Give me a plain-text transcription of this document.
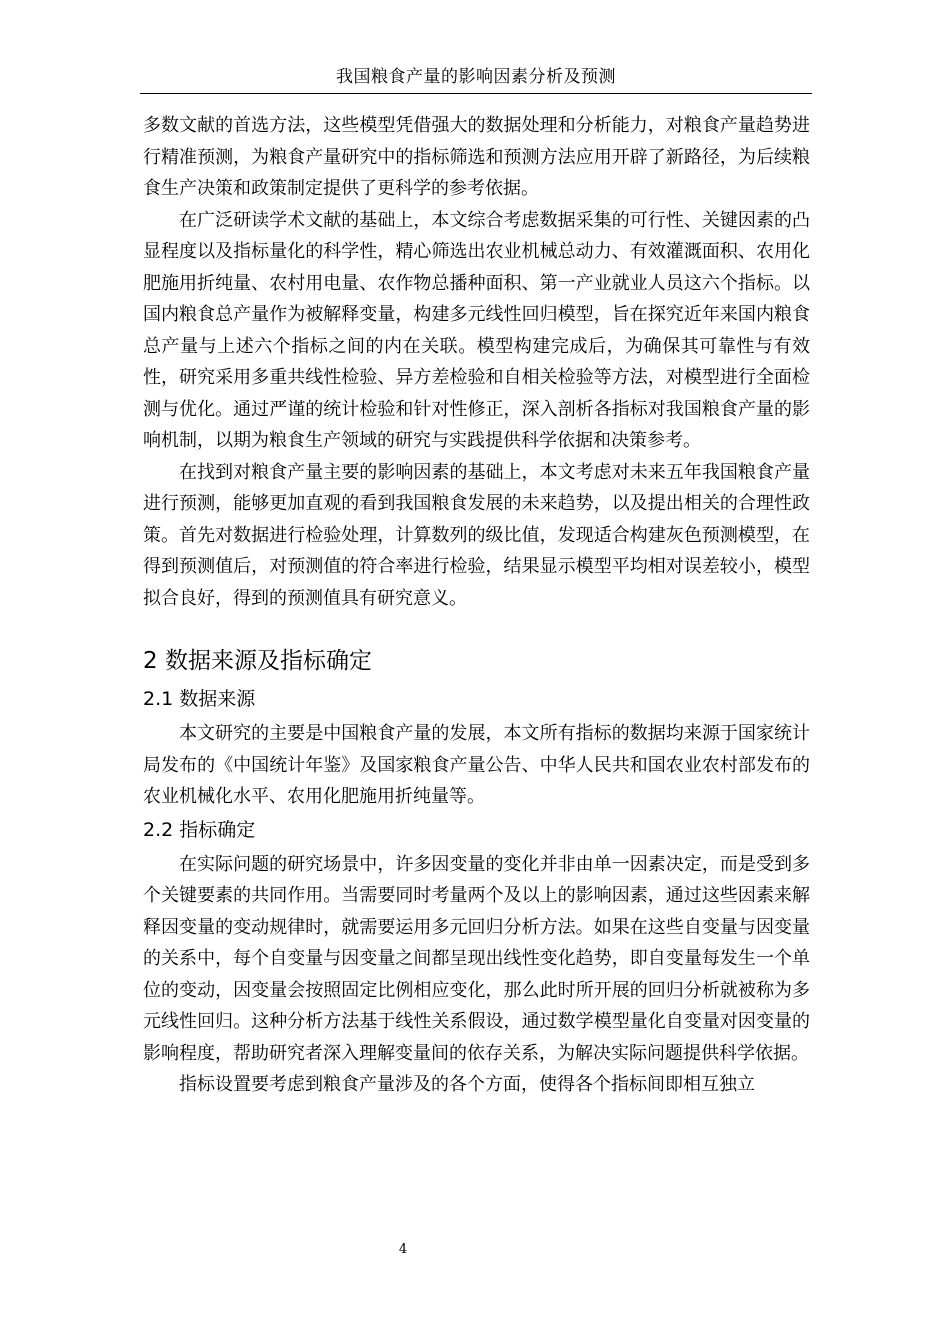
我国粮食产量的影响因素分析及预测

多数文献的首选方法，这些模型凭借强大的数据处理和分析能力，对粮食产量趋势进行精准预测，为粮食产量研究中的指标筛选和预测方法应用开辟了新路径，为后续粮食生产决策和政策制定提供了更科学的参考依据。

在广泛研读学术文献的基础上，本文综合考虑数据采集的可行性、关键因素的凸显程度以及指标量化的科学性，精心筛选出农业机械总动力、有效灌溉面积、农用化肥施用折纯量、农村用电量、农作物总播种面积、第一产业就业人员这六个指标。以国内粮食总产量作为被解释变量，构建多元线性回归模型，旨在探究近年来国内粮食总产量与上述六个指标之间的内在关联。模型构建完成后，为确保其可靠性与有效性，研究采用多重共线性检验、异方差检验和自相关检验等方法，对模型进行全面检测与优化。通过严谨的统计检验和针对性修正，深入剖析各指标对我国粮食产量的影响机制，以期为粮食生产领域的研究与实践提供科学依据和决策参考。

在找到对粮食产量主要的影响因素的基础上，本文考虑对未来五年我国粮食产量进行预测，能够更加直观的看到我国粮食发展的未来趋势，以及提出相关的合理性政策。首先对数据进行检验处理，计算数列的级比值，发现适合构建灰色预测模型，在得到预测值后，对预测值的符合率进行检验，结果显示模型平均相对误差较小，模型拟合良好，得到的预测值具有研究意义。

2 数据来源及指标确定
2.1 数据来源

本文研究的主要是中国粮食产量的发展，本文所有指标的数据均来源于国家统计局发布的《中国统计年鉴》及国家粮食产量公告、中华人民共和国农业农村部发布的农业机械化水平、农用化肥施用折纯量等。

2.2 指标确定

在实际问题的研究场景中，许多因变量的变化并非由单一因素决定，而是受到多个关键要素的共同作用。当需要同时考量两个及以上的影响因素，通过这些因素来解释因变量的变动规律时，就需要运用多元回归分析方法。如果在这些自变量与因变量的关系中，每个自变量与因变量之间都呈现出线性变化趋势，即自变量每发生一个单位的变动，因变量会按照固定比例相应变化，那么此时所开展的回归分析就被称为多元线性回归。这种分析方法基于线性关系假设，通过数学模型量化自变量对因变量的影响程度，帮助研究者深入理解变量间的依存关系，为解决实际问题提供科学依据。

指标设置要考虑到粮食产量涉及的各个方面，使得各个指标间即相互独立

4
